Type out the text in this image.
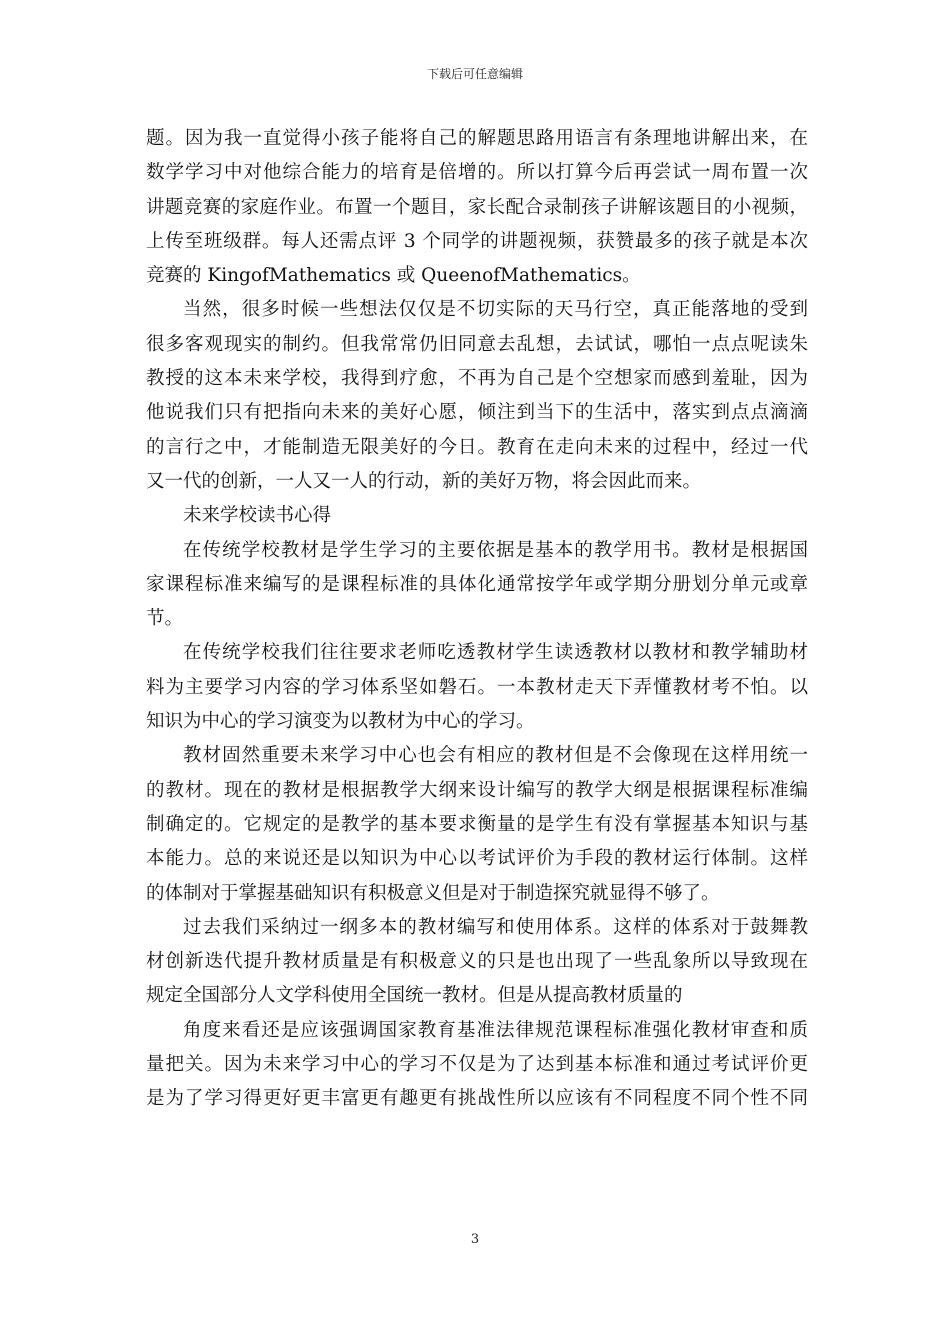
下载后可任意编辑
题。因为我一直觉得小孩子能将自己的解题思路用语言有条理地讲解出来，在
数学学习中对他综合能力的培育是倍增的。所以打算今后再尝试一周布置一次
讲题竞赛的家庭作业。布置一个题目，家长配合录制孩子讲解该题目的小视频，
上传至班级群。每人还需点评 3 个同学的讲题视频，获赞最多的孩子就是本次
竞赛的 KingofMathematics 或 QueenofMathematics。
当然，很多时候一些想法仅仅是不切实际的天马行空，真正能落地的受到
很多客观现实的制约。但我常常仍旧同意去乱想，去试试，哪怕一点点呢读朱
教授的这本未来学校，我得到疗愈，不再为自己是个空想家而感到羞耻，因为
他说我们只有把指向未来的美好心愿，倾注到当下的生活中，落实到点点滴滴
的言行之中，才能制造无限美好的今日。教育在走向未来的过程中，经过一代
又一代的创新，一人又一人的行动，新的美好万物，将会因此而来。
未来学校读书心得
在传统学校教材是学生学习的主要依据是基本的教学用书。教材是根据国
家课程标准来编写的是课程标准的具体化通常按学年或学期分册划分单元或章
节。
在传统学校我们往往要求老师吃透教材学生读透教材以教材和教学辅助材
料为主要学习内容的学习体系坚如磐石。一本教材走天下弄懂教材考不怕。以
知识为中心的学习演变为以教材为中心的学习。
教材固然重要未来学习中心也会有相应的教材但是不会像现在这样用统一
的教材。现在的教材是根据教学大纲来设计编写的教学大纲是根据课程标准编
制确定的。它规定的是教学的基本要求衡量的是学生有没有掌握基本知识与基
本能力。总的来说还是以知识为中心以考试评价为手段的教材运行体制。这样
的体制对于掌握基础知识有积极意义但是对于制造探究就显得不够了。
过去我们采纳过一纲多本的教材编写和使用体系。这样的体系对于鼓舞教
材创新迭代提升教材质量是有积极意义的只是也出现了一些乱象所以导致现在
规定全国部分人文学科使用全国统一教材。但是从提高教材质量的
角度来看还是应该强调国家教育基准法律规范课程标准强化教材审查和质
量把关。因为未来学习中心的学习不仅是为了达到基本标准和通过考试评价更
是为了学习得更好更丰富更有趣更有挑战性所以应该有不同程度不同个性不同
3
